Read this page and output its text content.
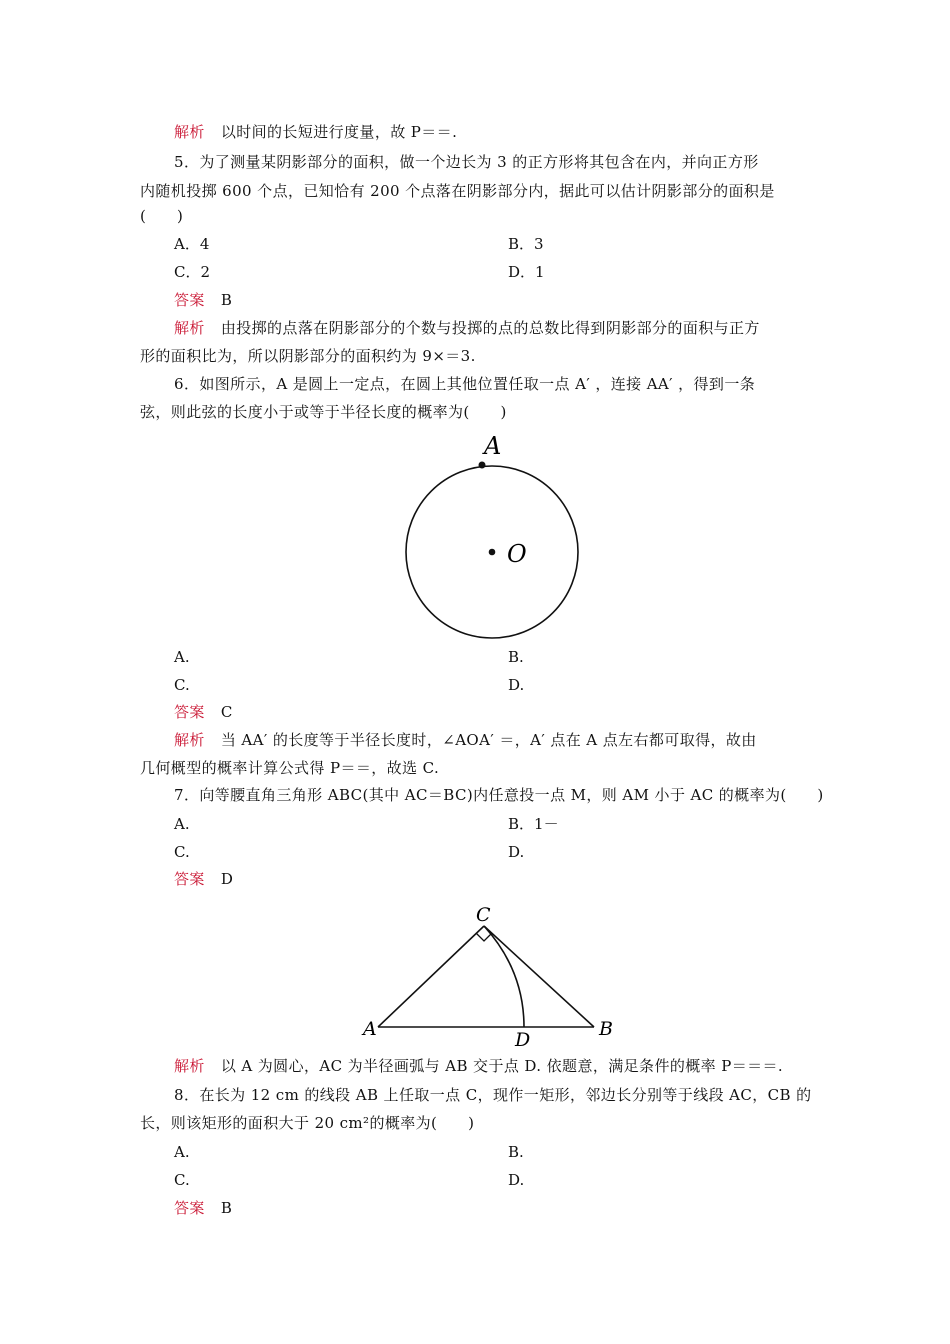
解析 以时间的长短进行度量，故 P＝＝.
5．为了测量某阴影部分的面积，做一个边长为 3 的正方形将其包含在内，并向正方形
内随机投掷 600 个点，已知恰有 200 个点落在阴影部分内，据此可以估计阴影部分的面积是
(　　)
A．4	B．3
C．2	D．1
答案 B
解析 由投掷的点落在阴影部分的个数与投掷的点的总数比得到阴影部分的面积与正方
形的面积比为，所以阴影部分的面积约为 9×＝3.
6．如图所示，A 是圆上一定点，在圆上其他位置任取一点 A′ ，连接 AA′ ，得到一条
弦，则此弦的长度小于或等于半径长度的概率为(　　)
A
O
A.	B.
C.	D.
答案 C
解析 当 AA′ 的长度等于半径长度时，∠AOA′ ＝，A′ 点在 A 点左右都可取得，故由
几何概型的概率计算公式得 P＝＝，故选 C.
7．向等腰直角三角形 ABC(其中 AC＝BC)内任意投一点 M，则 AM 小于 AC 的概率为(　　)
A.	B．1－
C.	D.
答案 D
C
A	B
D
解析 以 A 为圆心，AC 为半径画弧与 AB 交于点 D. 依题意，满足条件的概率 P＝＝＝.
8．在长为 12 cm 的线段 AB 上任取一点 C，现作一矩形，邻边长分别等于线段 AC，CB 的
长，则该矩形的面积大于 20 cm²的概率为(　　)
A.	B.
C.	D.
答案 B
